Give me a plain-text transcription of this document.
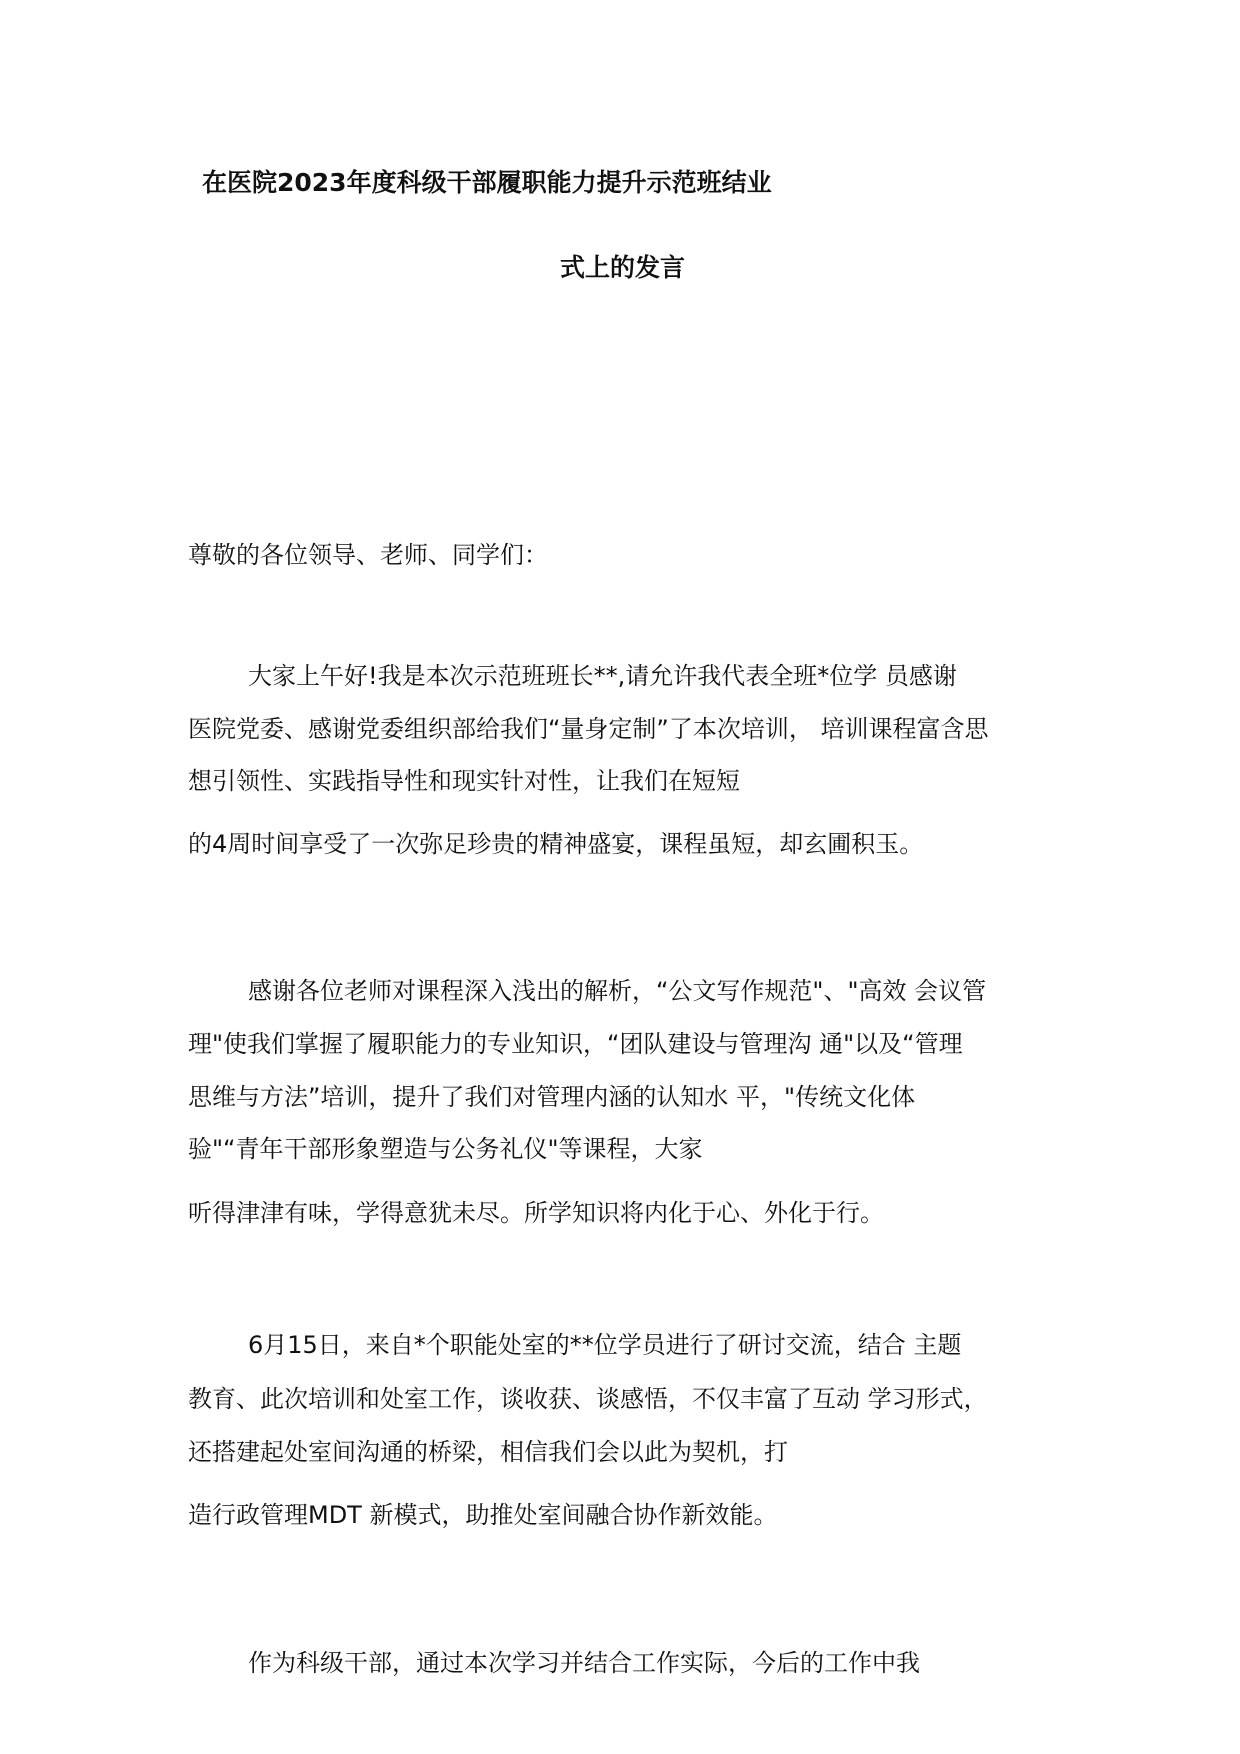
在医院2023年度科级干部履职能力提升示范班结业
式上的发言

尊敬的各位领导、老师、同学们：

大家上午好!我是本次示范班班长**,请允许我代表全班*位学 员感谢

医院党委、感谢党委组织部给我们“量身定制”了本次培训， 培训课程富含思

想引领性、实践指导性和现实针对性，让我们在短短

的4周时间享受了一次弥足珍贵的精神盛宴，课程虽短，却玄圃积玉。

感谢各位老师对课程深入浅出的解析，“公文写作规范"、"高效 会议管

理"使我们掌握了履职能力的专业知识，“团队建设与管理沟 通"以及“管理

思维与方法”培训，提升了我们对管理内涵的认知水 平，"传统文化体

验"“青年干部形象塑造与公务礼仪"等课程，大家

听得津津有味，学得意犹未尽。所学知识将内化于心、外化于行。

6月15日，来自*个职能处室的**位学员进行了研讨交流，结合 主题

教育、此次培训和处室工作，谈收获、谈感悟，不仅丰富了互动 学习形式，

还搭建起处室间沟通的桥梁，相信我们会以此为契机，打

造行政管理MDT 新模式，助推处室间融合协作新效能。

作为科级干部，通过本次学习并结合工作实际，今后的工作中我
